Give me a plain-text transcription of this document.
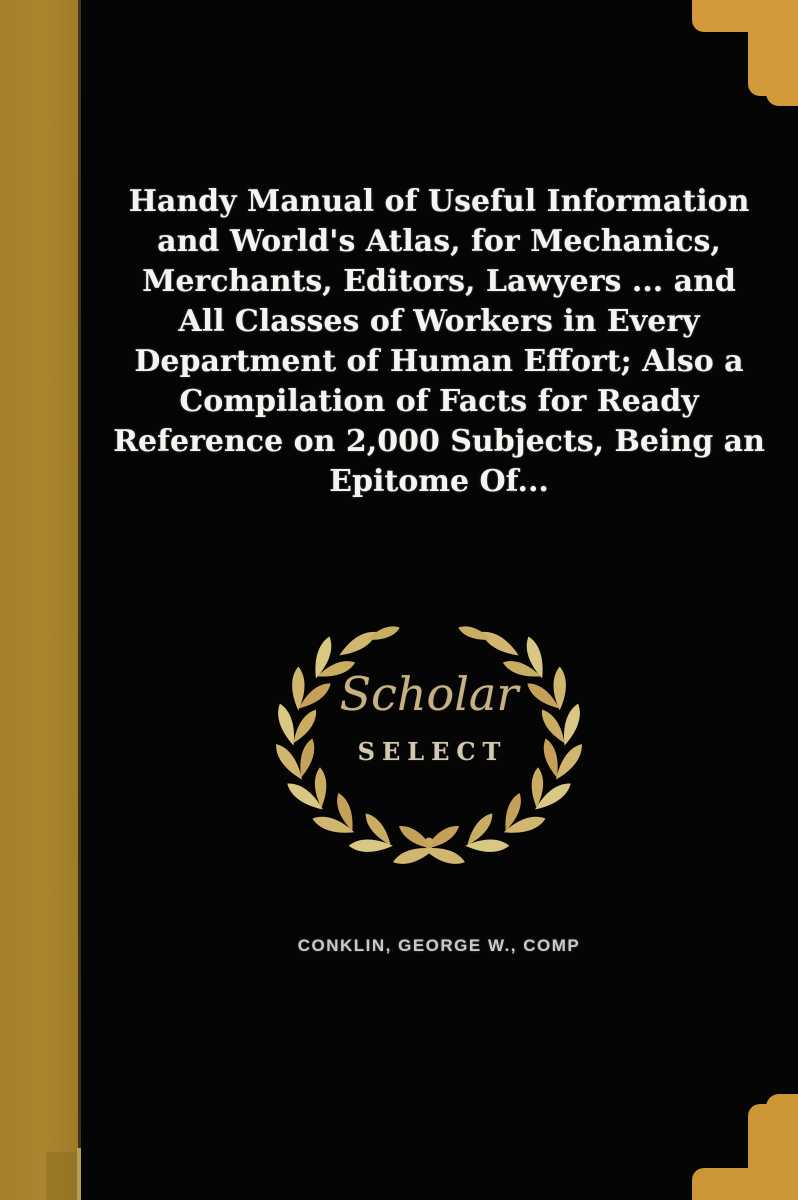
Handy Manual of Useful Information
and World's Atlas, for Mechanics,
Merchants, Editors, Lawyers ... and
All Classes of Workers in Every
Department of Human Effort; Also a
Compilation of Facts for Ready
Reference on 2,000 Subjects, Being an
Epitome Of...
Scholar
SELECT
CONKLIN, GEORGE W., COMP
